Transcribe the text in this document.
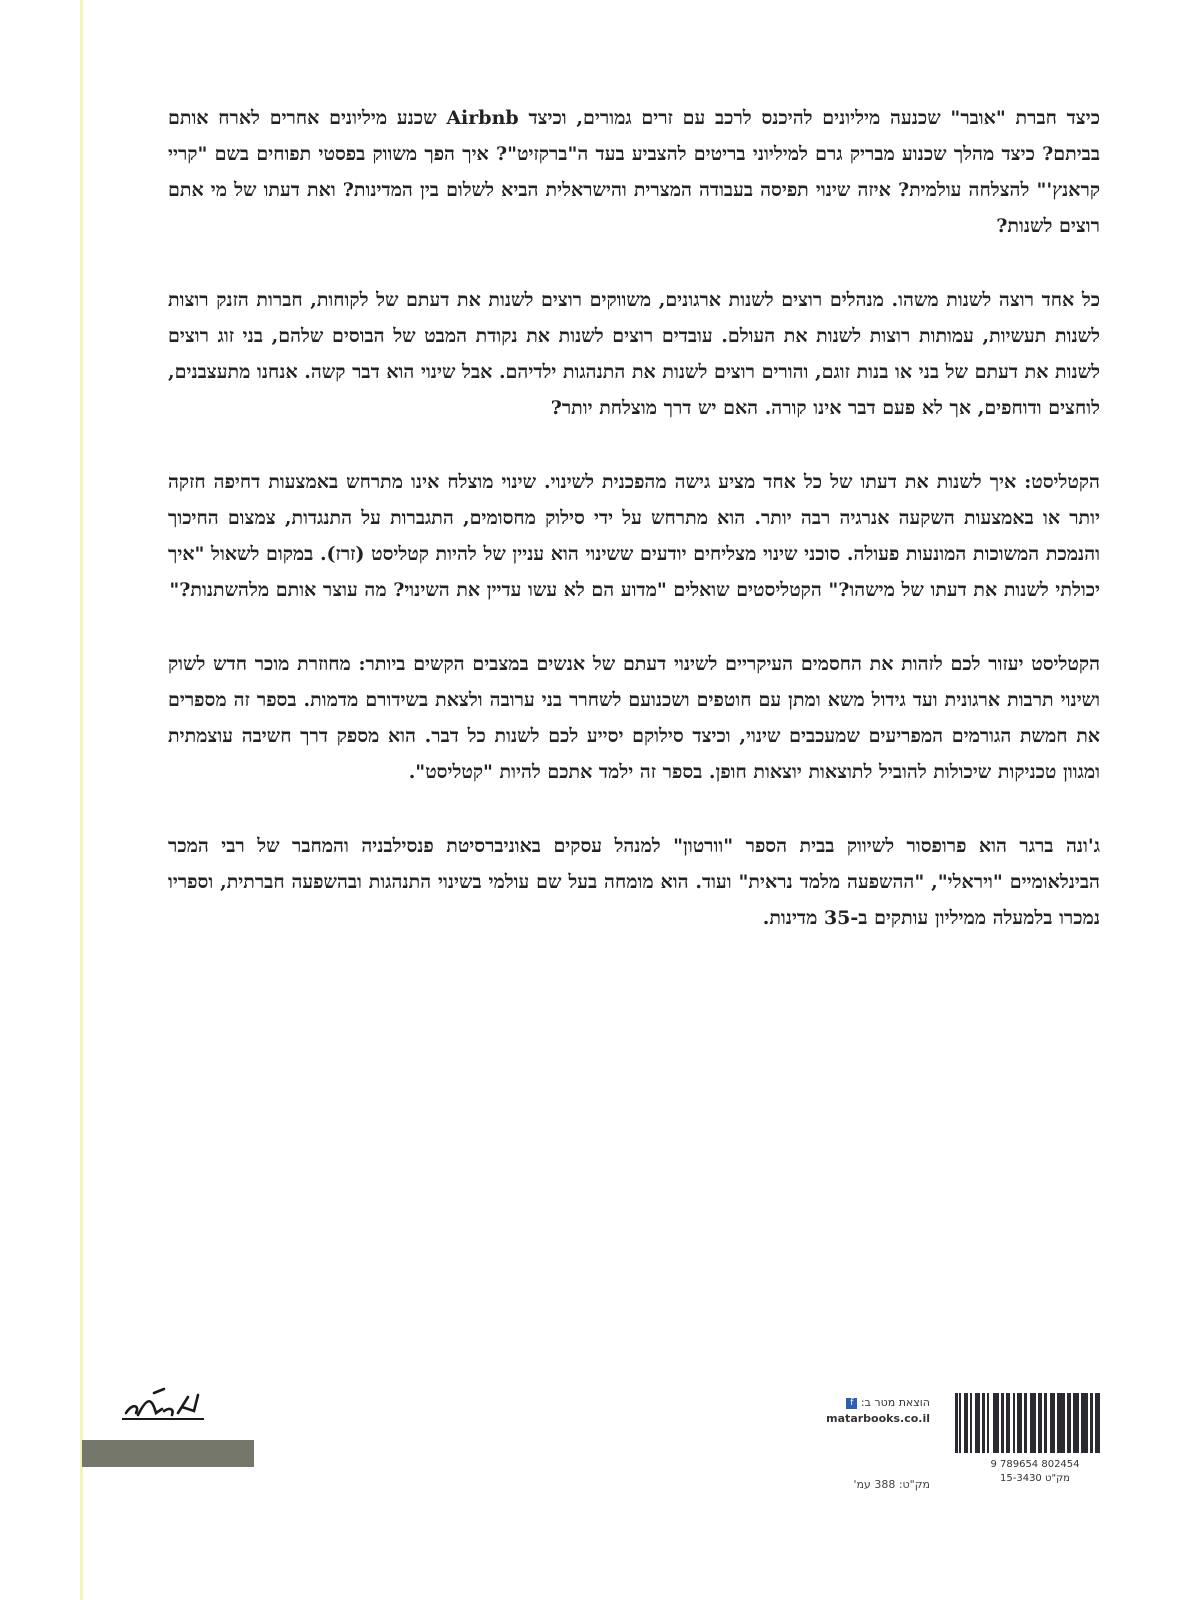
כיצד חברת "אובר" שכנעה מיליונים להיכנס לרכב עם זרים גמורים, וכיצד Airbnb שכנע מיליונים אחרים לארח אותם בביתם? כיצד מהלך שכנוע מבריק גרם למיליוני בריטים להצביע בעד ה"ברקזיט"? איך הפך משווק בפסטי תפוחים בשם "קריי קראנץ'" להצלחה עולמית? איזה שינוי תפיסה בעבודה המצרית והישראלית הביא לשלום בין המדינות? ואת דעתו של מי אתם רוצים לשנות?

כל אחד רוצה לשנות משהו. מנהלים רוצים לשנות ארגונים, משווקים רוצים לשנות את דעתם של לקוחות, חברות הזנק רוצות לשנות תעשיות, עמותות רוצות לשנות את העולם. עובדים רוצים לשנות את נקודת המבט של הבוסים שלהם, בני זוג רוצים לשנות את דעתם של בני או בנות זוגם, והורים רוצים לשנות את התנהגות ילדיהם. אבל שינוי הוא דבר קשה. אנחנו מתעצבנים, לוחצים ודוחפים, אך לא פעם דבר אינו קורה. האם יש דרך מוצלחת יותר?

הקטליסט: איך לשנות את דעתו של כל אחד מציע גישה מהפכנית לשינוי. שינוי מוצלח אינו מתרחש באמצעות דחיפה חזקה יותר או באמצעות השקעה אנרגיה רבה יותר. הוא מתרחש על ידי סילוק מחסומים, התגברות על התנגדות, צמצום החיכוך והנמכת המשוכות המונעות פעולה. סוכני שינוי מצליחים יודעים ששינוי הוא עניין של להיות קטליסט (זרז). במקום לשאול "איך יכולתי לשנות את דעתו של מישהו?" הקטליסטים שואלים "מדוע הם לא עשו עדיין את השינוי? מה עוצר אותם מלהשתנות?"

הקטליסט יעזור לכם לזהות את החסמים העיקריים לשינוי דעתם של אנשים במצבים הקשים ביותר: מחוזרת מוכר חדש לשוק ושינוי תרבות ארגונית ועד גידול משא ומתן עם חוטפים ושכנועם לשחרר בני ערובה ולצאת בשידורם מדמות. בספר זה מספרים את חמשת הגורמים המפריעים שמעכבים שינוי, וכיצד סילוקם יסייע לכם לשנות כל דבר. הוא מספק דרך חשיבה עוצמתית ומגוון טכניקות שיכולות להוביל לתוצאות יוצאות חופן. בספר זה ילמד אתכם להיות "קטליסט".

ג'ונה ברגר הוא פרופסור לשיווק בבית הספר "וורטון" למנהל עסקים באוניברסיטת פנסילבניה והמחבר של רבי המכר הבינלאומיים "ויראלי", "ההשפעה מלמד נראית" ועוד. הוא מומחה בעל שם עולמי בשינוי התנהגות ובהשפעה חברתית, וספריו נמכרו בלמעלה ממיליון עותקים ב-35 מדינות.

הוצאת מטר ב: f
matarbooks.co.il
מק"ט: 388 עמ'
9 789654 802454
מק"ט 15-3430
